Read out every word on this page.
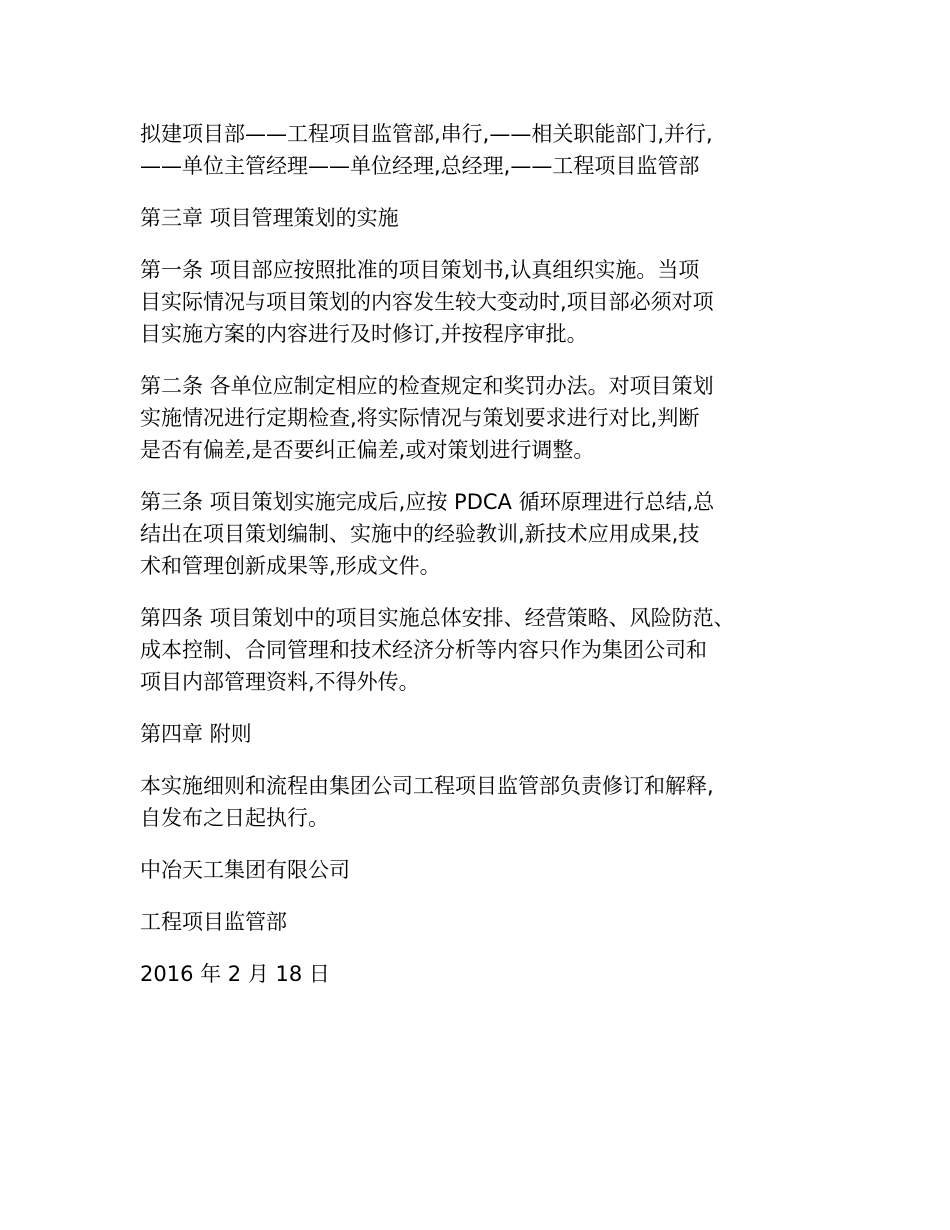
拟建项目部——工程项目监管部,串行,——相关职能部门,并行,
——单位主管经理——单位经理,总经理,——工程项目监管部

第三章 项目管理策划的实施

第一条 项目部应按照批准的项目策划书,认真组织实施。当项
目实际情况与项目策划的内容发生较大变动时,项目部必须对项
目实施方案的内容进行及时修订,并按程序审批。

第二条 各单位应制定相应的检查规定和奖罚办法。对项目策划
实施情况进行定期检查,将实际情况与策划要求进行对比,判断
是否有偏差,是否要纠正偏差,或对策划进行调整。

第三条 项目策划实施完成后,应按 PDCA 循环原理进行总结,总
结出在项目策划编制、实施中的经验教训,新技术应用成果,技
术和管理创新成果等,形成文件。

第四条 项目策划中的项目实施总体安排、经营策略、风险防范、
成本控制、合同管理和技术经济分析等内容只作为集团公司和
项目内部管理资料,不得外传。

第四章 附则

本实施细则和流程由集团公司工程项目监管部负责修订和解释,
自发布之日起执行。

中冶天工集团有限公司

工程项目监管部

2016 年 2 月 18 日
